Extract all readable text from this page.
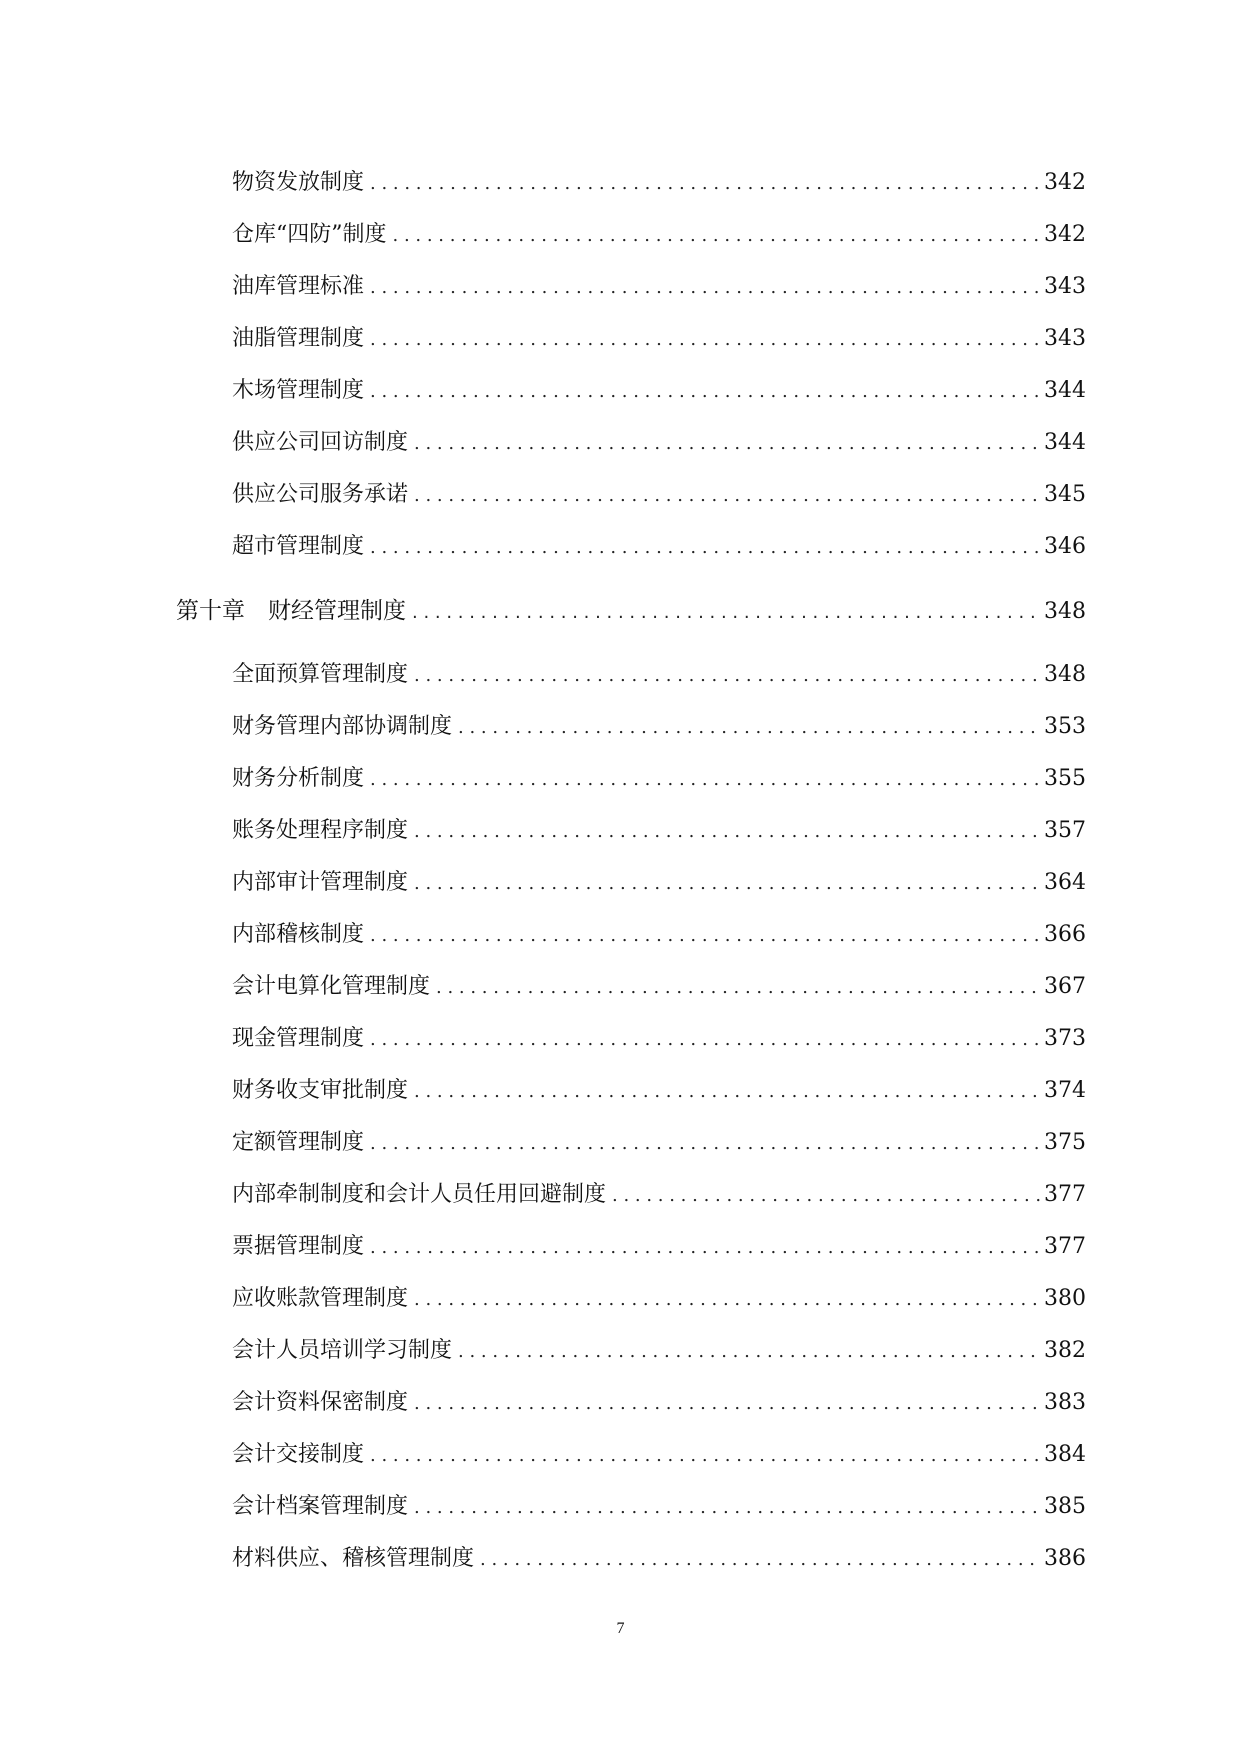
物资发放制度 . . .	342
仓库“四防”制度 . . .	342
油库管理标准 . . .	343
油脂管理制度 . . .	343
木场管理制度 . . .	344
供应公司回访制度 . . .	344
供应公司服务承诺 . . .	345
超市管理制度 . . .	346
第十章　财经管理制度 . . .	348
全面预算管理制度 . . .	348
财务管理内部协调制度 . . .	353
财务分析制度 . . .	355
账务处理程序制度 . . .	357
内部审计管理制度 . . .	364
内部稽核制度 . . .	366
会计电算化管理制度 . . .	367
现金管理制度 . . .	373
财务收支审批制度 . . .	374
定额管理制度 . . .	375
内部牵制制度和会计人员任用回避制度 . . .	377
票据管理制度 . . .	377
应收账款管理制度 . . .	380
会计人员培训学习制度 . . .	382
会计资料保密制度 . . .	383
会计交接制度 . . .	384
会计档案管理制度 . . .	385
材料供应、稽核管理制度 . . .	386
7
